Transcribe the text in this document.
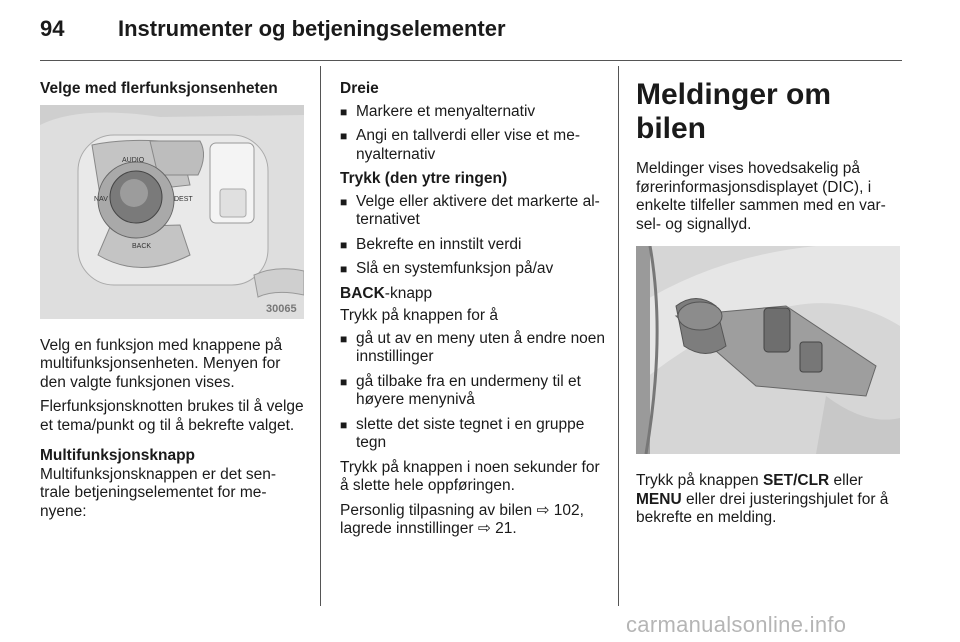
94 Instrumenter og betjeningselementer

Velge med flerfunksjonsenheten

AUDIO
NAV	DEST
BACK
30065

Velg en funksjon med knappene på multifunksjonsenheten. Menyen for den valgte funksjonen vises.

Flerfunksjonsknotten brukes til å velge et tema/punkt og til å bekrefte valget.

Multifunksjonsknapp

Multifunksjonsknappen er det sen-trale betjeningselementet for me-nyene:

Dreie

■ Markere et menyalternativ
■ Angi en tallverdi eller vise et me-nyalternativ

Trykk (den ytre ringen)

■ Velge eller aktivere det markerte al-ternativet
■ Bekrefte en innstilt verdi
■ Slå en systemfunksjon på/av

BACK-knapp

Trykk på knappen for å

■ gå ut av en meny uten å endre noen innstillinger
■ gå tilbake fra en undermeny til et høyere menynivå
■ slette det siste tegnet i en gruppe tegn

Trykk på knappen i noen sekunder for å slette hele oppføringen.

Personlig tilpasning av bilen ⇨ 102,
lagrede innstillinger ⇨ 21.

Meldinger om bilen

Meldinger vises hovedsakelig på førerinformasjonsdisplayet (DIC), i enkelte tilfeller sammen med en var-sel- og signallyd.

Trykk på knappen SET/CLR eller MENU eller drei justeringshjulet for å bekrefte en melding.

carmanualsonline.info
